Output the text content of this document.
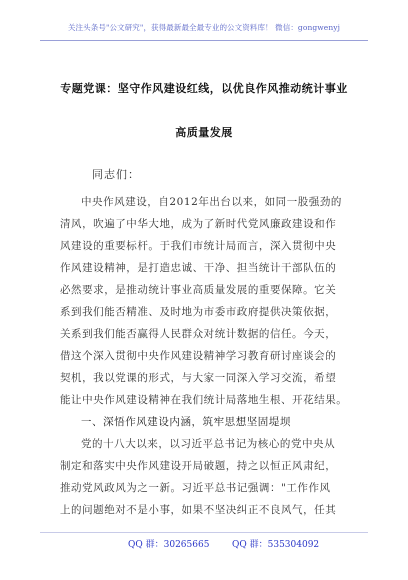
关注头条号"公文研究"，获得最新最全最专业的公文资料库！ 微信：gongwenyj
专题党课：坚守作风建设红线，以优良作风推动统计事业
高质量发展
同志们：
中央作风建设，自2012年出台以来，如同一股强劲的
清风，吹遍了中华大地，成为了新时代党风廉政建设和作
风建设的重要标杆。于我们市统计局而言，深入贯彻中央
作风建设精神，是打造忠诚、干净、担当统计干部队伍的
必然要求，是推动统计事业高质量发展的重要保障。它关
系到我们能否精准、及时地为市委市政府提供决策依据，
关系到我们能否赢得人民群众对统计数据的信任。今天，
借这个深入贯彻中央作风建设精神学习教育研讨座谈会的
契机，我以党课的形式，与大家一同深入学习交流，希望
能让中央作风建设精神在我们统计局落地生根、开花结果。
一、深悟作风建设内涵，筑牢思想坚固堤坝
党的十八大以来，以习近平总书记为核心的党中央从
制定和落实中央作风建设开局破题，持之以恒正风肃纪，
推动党风政风为之一新。习近平总书记强调："工作作风
上的问题绝对不是小事，如果不坚决纠正不良风气，任其
QQ 群：30265665	QQ 群：535304092
